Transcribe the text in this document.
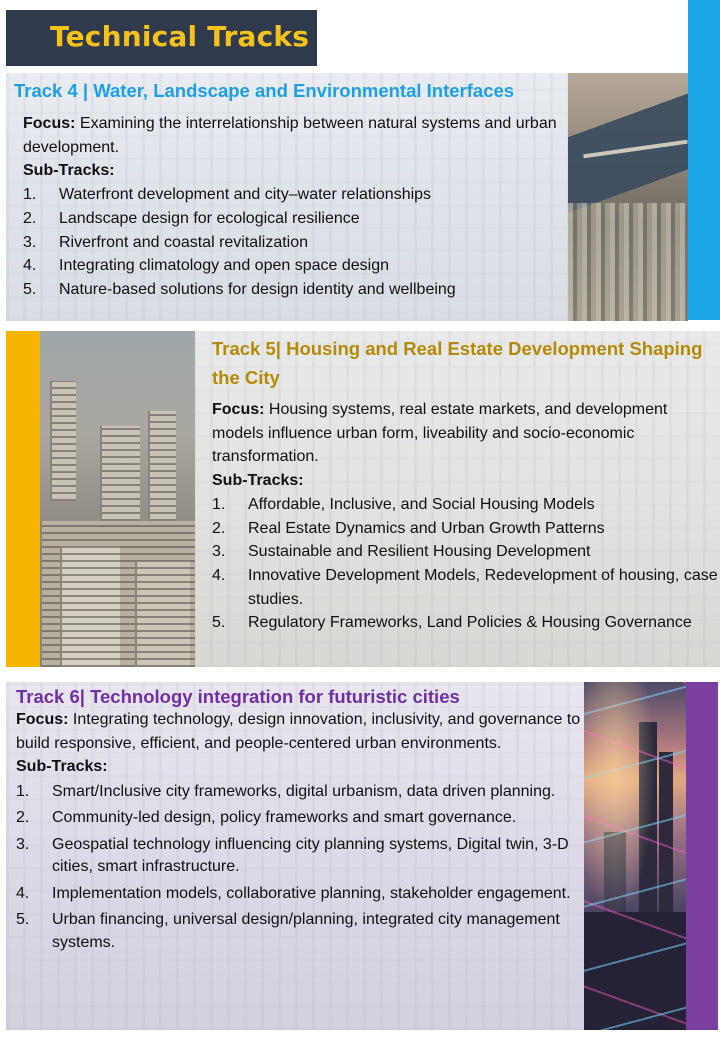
Technical Tracks
Track 4 | Water, Landscape and Environmental Interfaces
Focus: Examining the interrelationship between natural systems and urban development.
Sub-Tracks:
1.	Waterfront development and city–water relationships
2.	Landscape design for ecological resilience
3.	Riverfront and coastal revitalization
4.	Integrating climatology and open space design
5.	Nature-based solutions for design identity and wellbeing
Track 5| Housing and Real Estate Development Shaping the City
Focus: Housing systems, real estate markets, and development models influence urban form, liveability and socio-economic transformation.
Sub-Tracks:
1.	Affordable, Inclusive, and Social Housing Models
2.	Real Estate Dynamics and Urban Growth Patterns
3.	Sustainable and Resilient Housing Development
4.	Innovative Development Models, Redevelopment of housing, case studies.
5.	Regulatory Frameworks, Land Policies & Housing Governance
Track 6| Technology integration for futuristic cities
Focus: Integrating technology, design innovation, inclusivity, and governance to build responsive, efficient, and people-centered urban environments.
Sub-Tracks:
1.	Smart/Inclusive city frameworks, digital urbanism, data driven planning.
2.	Community-led design, policy frameworks and smart governance.
3.	Geospatial technology influencing city planning systems, Digital twin, 3-D cities, smart infrastructure.
4.	Implementation models, collaborative planning, stakeholder engagement.
5.	Urban financing, universal design/planning, integrated city management systems.
